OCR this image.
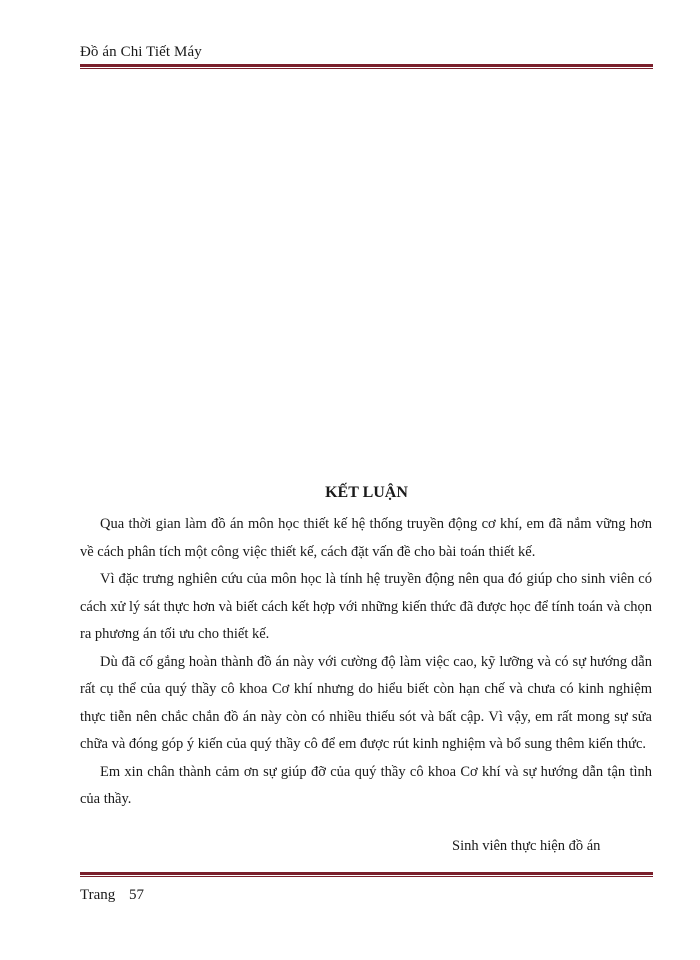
Đồ án Chi Tiết Máy
KẾT LUẬN

Qua thời gian làm đồ án môn học thiết kế hệ thống truyền động cơ khí, em đã nắm vững hơn về cách phân tích một công việc thiết kế, cách đặt vấn đề cho bài toán thiết kế.

Vì đặc trưng nghiên cứu của môn học là tính hệ truyền động nên qua đó giúp cho sinh viên có cách xử lý sát thực hơn và biết cách kết hợp với những kiến thức đã được học để tính toán và chọn ra phương án tối ưu cho thiết kế.

Dù đã cố gắng hoàn thành đồ án này với cường độ làm việc cao, kỹ lưỡng và có sự hướng dẫn rất cụ thể của quý thầy cô khoa Cơ khí nhưng do hiểu biết còn hạn chế và chưa có kinh nghiệm thực tiễn nên chắc chắn đồ án này còn có nhiều thiếu sót và bất cập. Vì vậy, em rất mong sự sửa chữa và đóng góp ý kiến của quý thầy cô để em được rút kinh nghiệm và bổ sung thêm kiến thức.

Em xin chân thành cảm ơn sự giúp đỡ của quý thầy cô khoa Cơ khí và sự hướng dẫn tận tình của thầy.

Sinh viên thực hiện đồ án
Trang 57
